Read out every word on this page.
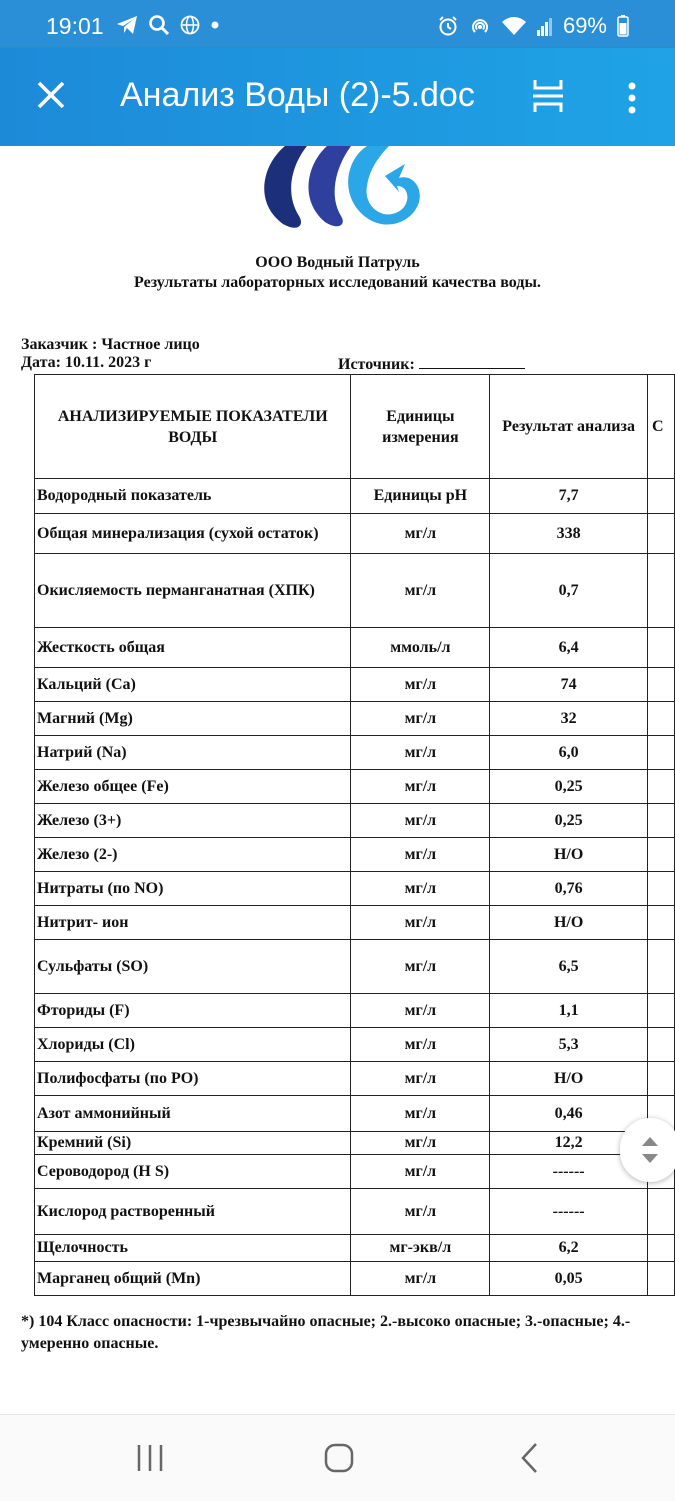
19:01	69%
Анализ Воды (2)-5.doc
ООО Водный Патруль
Результаты лабораторных исследований качества воды.
Заказчик : Частное лицо
Дата: 10.11. 2023 г	Источник:
АНАЛИЗИРУЕМЫЕ ПОКАЗАТЕЛИ ВОДЫ	Единицы измерения	Результат анализа	С
Водородный показатель	Единицы pH	7,7	
Общая минерализация (сухой остаток)	мг/л	338	
Окисляемость перманганатная (ХПК)	мг/л	0,7	
Жесткость общая	ммоль/л	6,4	
Кальций (Ca)	мг/л	74	
Магний (Mg)	мг/л	32	
Натрий (Na)	мг/л	6,0	
Железо общее (Fe)	мг/л	0,25	
Железо (3+)	мг/л	0,25	
Железо (2-)	мг/л	Н/О	
Нитраты (по NO)	мг/л	0,76	
Нитрит- ион	мг/л	Н/О	
Сульфаты (SO)	мг/л	6,5	
Фториды (F)	мг/л	1,1	
Хлориды (Cl)	мг/л	5,3	
Полифосфаты (по PO)	мг/л	Н/О	
Азот аммонийный	мг/л	0,46	
Кремний (Si)	мг/л	12,2	
Сероводород (H S)	мг/л	------	
Кислород растворенный	мг/л	------	
Щелочность	мг-экв/л	6,2	
Марганец общий (Mn)	мг/л	0,05	
*) 104 Класс опасности: 1-чрезвычайно опасные; 2.-высоко опасные; 3.-опасные; 4.-умеренно опасные.
